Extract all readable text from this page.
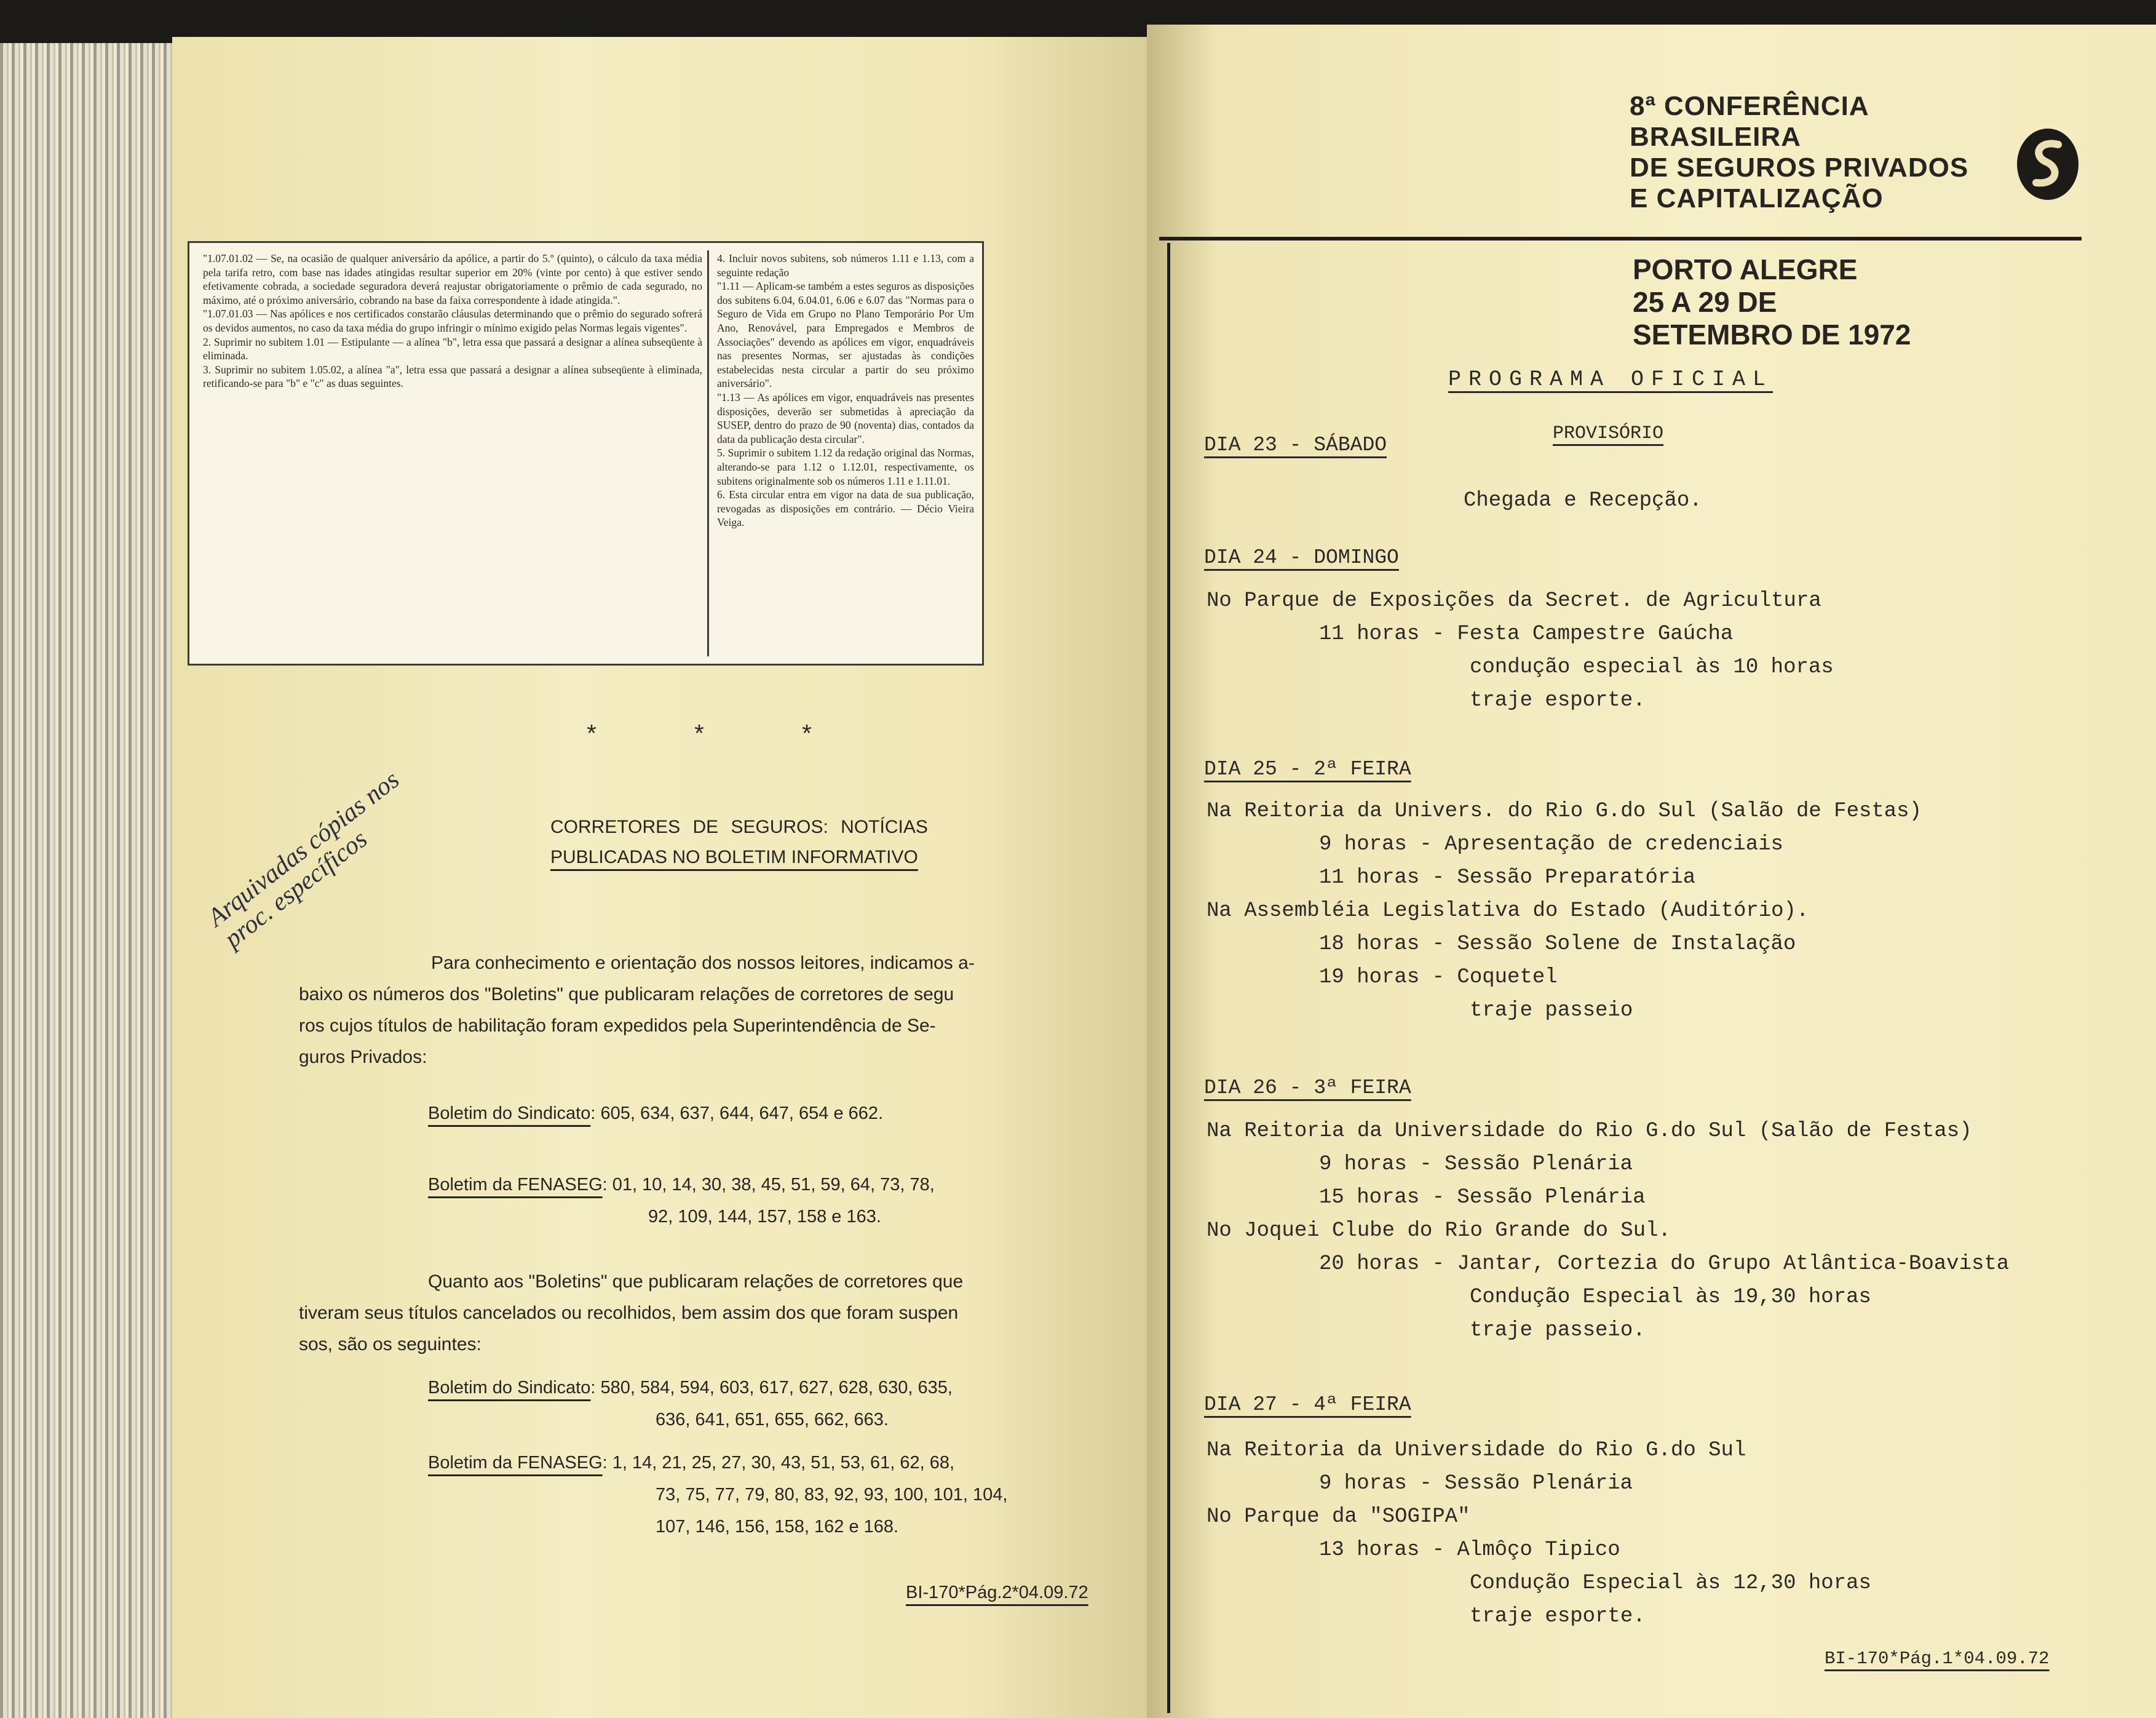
"1.07.01.02 — Se, na ocasião de qualquer aniversário da apólice, a partir do 5.º (quinto), o cálculo da taxa média pela tarifa retro, com base nas idades atingidas resultar superior em 20% (vinte por cento) à que estiver sendo efetivamente cobrada, a sociedade seguradora deverá reajustar obrigatoriamente o prêmio de cada segurado, no máximo, até o próximo aniversário, cobrando na base da faixa correspondente à idade atingida.".
"1.07.01.03 — Nas apólices e nos certificados constarão cláusulas determinando que o prêmio do segurado sofrerá os devidos aumentos, no caso da taxa média do grupo infringir o mínimo exigido pelas Normas legais vigentes".
2. Suprimir no subitem 1.01 — Estipulante — a alínea "b", letra essa que passará a designar a alínea subseqüente à eliminada.
3. Suprimir no subitem 1.05.02, a alínea "a", letra essa que passará a designar a alínea subseqüente à eliminada, retificando-se para "b" e "c" as duas seguintes.
4. Incluir novos subitens, sob números 1.11 e 1.13, com a seguinte redação
"1.11 — Aplicam-se também a estes seguros as disposições dos subitens 6.04, 6.04.01, 6.06 e 6.07 das "Normas para o Seguro de Vida em Grupo no Plano Temporário Por Um Ano, Renovável, para Empregados e Membros de Associações" devendo as apólices em vigor, enquadráveis nas presentes Normas, ser ajustadas às condições estabelecidas nesta circular a partir do seu próximo aniversário".
"1.13 — As apólices em vigor, enquadráveis nas presentes disposições, deverão ser submetidas à apreciação da SUSEP, dentro do prazo de 90 (noventa) dias, contados da data da publicação desta circular".
5. Suprimir o subitem 1.12 da redação original das Normas, alterando-se para 1.12 o 1.12.01, respectivamente, os subitens originalmente sob os números 1.11 e 1.11.01.
6. Esta circular entra em vigor na data de sua publicação, revogadas as disposições em contrário. — Décio Vieira Veiga.
*	*	*
CORRETORES DE SEGUROS: NOTÍCIAS
PUBLICADAS NO BOLETIM INFORMATIVO
Arquivadas cópias nos proc. específicos
Para conhecimento e orientação dos nossos leitores, indicamos a-
baixo os números dos "Boletins" que publicaram relações de corretores de segu
ros cujos títulos de habilitação foram expedidos pela Superintendência de Se-
guros Privados:
Boletim do Sindicato: 605, 634, 637, 644, 647, 654 e 662.
Boletim da FENASEG: 01, 10, 14, 30, 38, 45, 51, 59, 64, 73, 78,
92, 109, 144, 157, 158 e 163.
Quanto aos "Boletins" que publicaram relações de corretores que
tiveram seus títulos cancelados ou recolhidos, bem assim dos que foram suspen
sos, são os seguintes:
Boletim do Sindicato: 580, 584, 594, 603, 617, 627, 628, 630, 635,
636, 641, 651, 655, 662, 663.
Boletim da FENASEG: 1, 14, 21, 25, 27, 30, 43, 51, 53, 61, 62, 68,
73, 75, 77, 79, 80, 83, 92, 93, 100, 101, 104,
107, 146, 156, 158, 162 e 168.
BI-170*Pág.2*04.09.72
8ª CONFERÊNCIA
BRASILEIRA
DE SEGUROS PRIVADOS
E CAPITALIZAÇÃO
PORTO ALEGRE
25 A 29 DE
SETEMBRO DE 1972
PROGRAMA OFICIAL
PROVISÓRIO
DIA 23 - SÁBADO
Chegada e Recepção.
DIA 24 - DOMINGO
No Parque de Exposições da Secret. de Agricultura
11 horas - Festa Campestre Gaúcha
condução especial às 10 horas
traje esporte.
DIA 25 - 2ª FEIRA
Na Reitoria da Univers. do Rio G.do Sul (Salão de Festas)
9 horas - Apresentação de credenciais
11 horas - Sessão Preparatória
Na Assembléia Legislativa do Estado (Auditório).
18 horas - Sessão Solene de Instalação
19 horas - Coquetel
traje passeio
DIA 26 - 3ª FEIRA
Na Reitoria da Universidade do Rio G.do Sul (Salão de Festas)
9 horas - Sessão Plenária
15 horas - Sessão Plenária
No Joquei Clube do Rio Grande do Sul.
20 horas - Jantar, Cortezia do Grupo Atlântica-Boavista
Condução Especial às 19,30 horas
traje passeio.
DIA 27 - 4ª FEIRA
Na Reitoria da Universidade do Rio G.do Sul
9 horas - Sessão Plenária
No Parque da "SOGIPA"
13 horas - Almôço Tipico
Condução Especial às 12,30 horas
traje esporte.
BI-170*Pág.1*04.09.72
